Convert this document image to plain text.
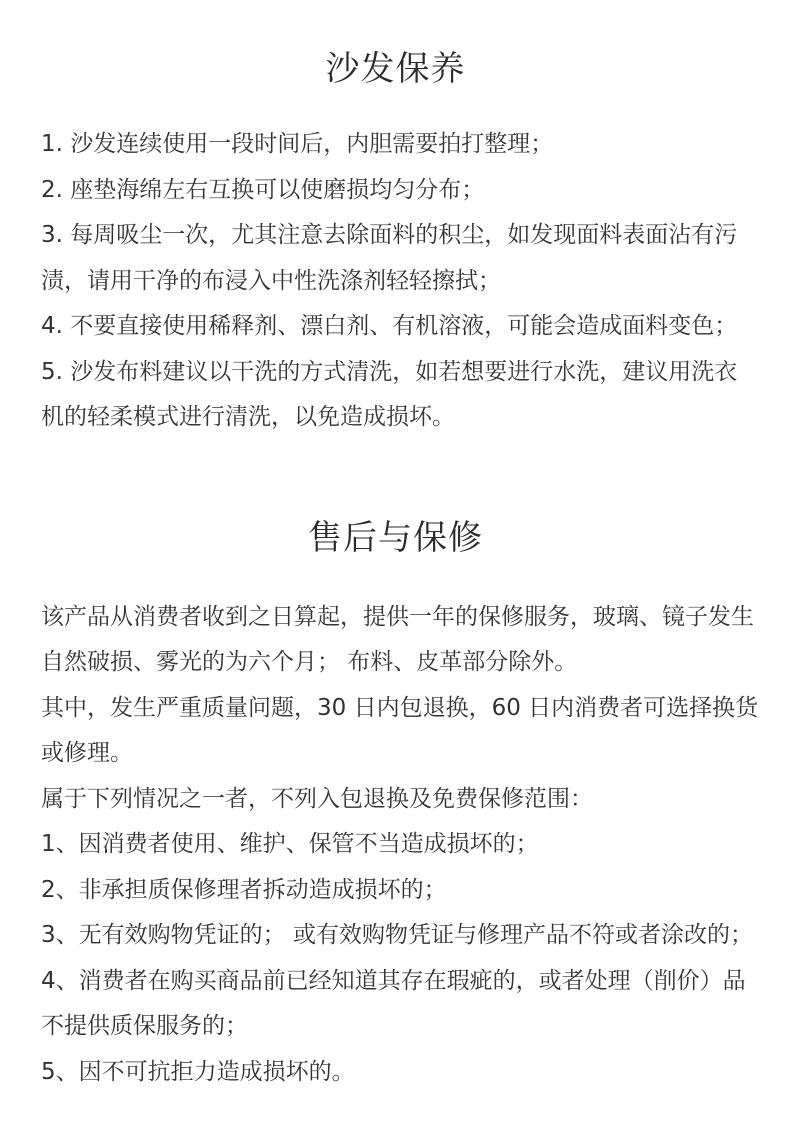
沙发保养
1. 沙发连续使用一段时间后，内胆需要拍打整理；
2. 座垫海绵左右互换可以使磨损均匀分布；
3. 每周吸尘一次，尤其注意去除面料的积尘，如发现面料表面沾有污
渍，请用干净的布浸入中性洗涤剂轻轻擦拭；
4. 不要直接使用稀释剂、漂白剂、有机溶液，可能会造成面料变色；
5. 沙发布料建议以干洗的方式清洗，如若想要进行水洗，建议用洗衣
机的轻柔模式进行清洗，以免造成损坏。
售后与保修
该产品从消费者收到之日算起，提供一年的保修服务，玻璃、镜子发生
自然破损、雾光的为六个月； 布料、皮革部分除外。
其中，发生严重质量问题，30 日内包退换，60 日内消费者可选择换货
或修理。
属于下列情况之一者，不列入包退换及免费保修范围：
1、因消费者使用、维护、保管不当造成损坏的；
2、非承担质保修理者拆动造成损坏的；
3、无有效购物凭证的； 或有效购物凭证与修理产品不符或者涂改的；
4、消费者在购买商品前已经知道其存在瑕疵的，或者处理（削价）品
不提供质保服务的；
5、因不可抗拒力造成损坏的。
